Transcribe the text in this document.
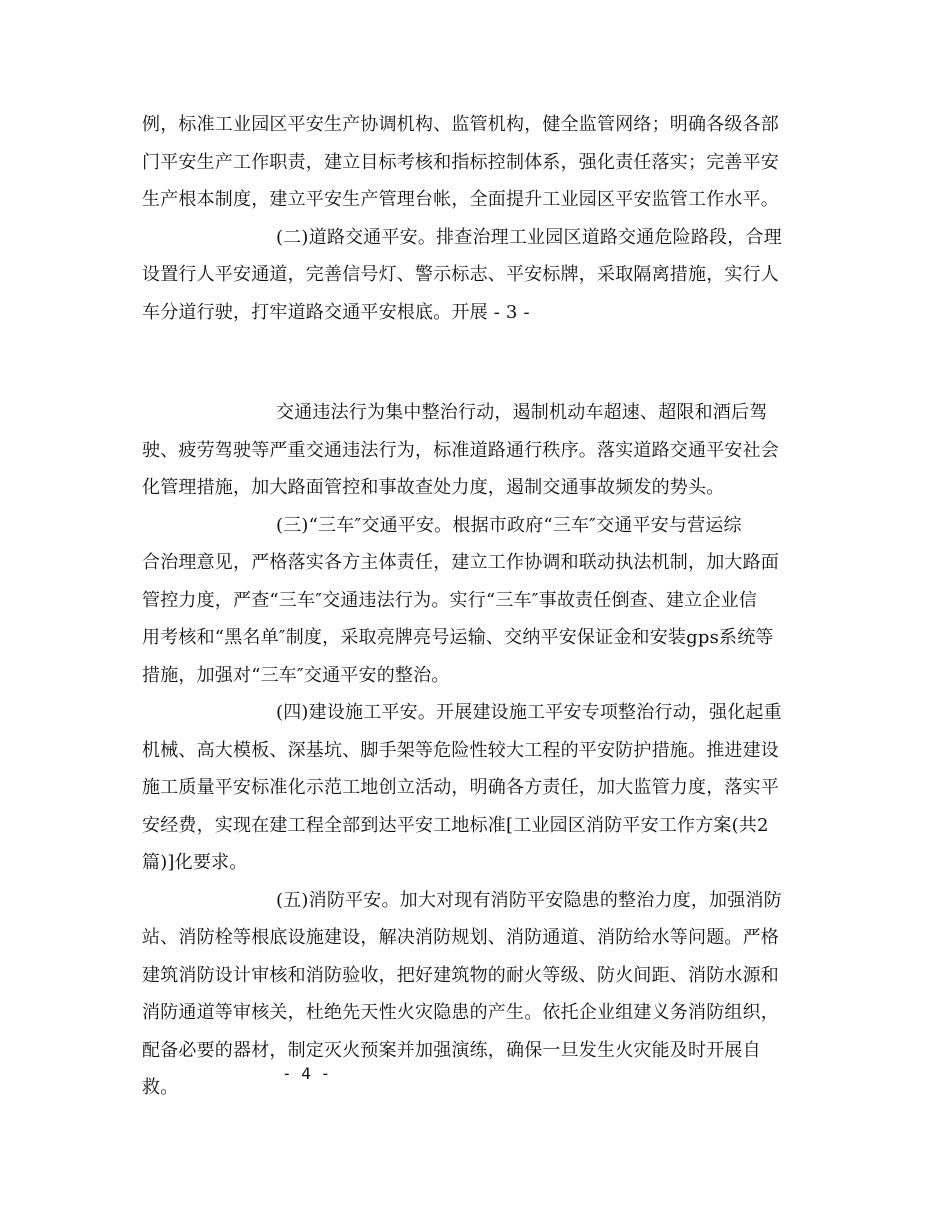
例，标准工业园区平安生产协调机构、监管机构，健全监管网络；明确各级各部
门平安生产工作职责，建立目标考核和指标控制体系，强化责任落实；完善平安
生产根本制度，建立平安生产管理台帐，全面提升工业园区平安监管工作水平。
(二)道路交通平安。排查治理工业园区道路交通危险路段，合理
设置行人平安通道，完善信号灯、警示标志、平安标牌，采取隔离措施，实行人
车分道行驶，打牢道路交通平安根底。开展 - 3 -
交通违法行为集中整治行动，遏制机动车超速、超限和酒后驾
驶、疲劳驾驶等严重交通违法行为，标准道路通行秩序。落实道路交通平安社会
化管理措施，加大路面管控和事故查处力度，遏制交通事故频发的势头。
(三)“三车″交通平安。根据市政府“三车″交通平安与营运综
合治理意见，严格落实各方主体责任，建立工作协调和联动执法机制，加大路面
管控力度，严查“三车″交通违法行为。实行“三车″事故责任倒查、建立企业信
用考核和“黑名单″制度，采取亮牌亮号运输、交纳平安保证金和安装gps系统等
措施，加强对“三车″交通平安的整治。
(四)建设施工平安。开展建设施工平安专项整治行动，强化起重
机械、高大模板、深基坑、脚手架等危险性较大工程的平安防护措施。推进建设
施工质量平安标准化示范工地创立活动，明确各方责任，加大监管力度，落实平
安经费，实现在建工程全部到达平安工地标准[工业园区消防平安工作方案(共2
篇)]化要求。
(五)消防平安。加大对现有消防平安隐患的整治力度，加强消防
站、消防栓等根底设施建设，解决消防规划、消防通道、消防给水等问题。严格
建筑消防设计审核和消防验收，把好建筑物的耐火等级、防火间距、消防水源和
消防通道等审核关，杜绝先天性火灾隐患的产生。依托企业组建义务消防组织，
配备必要的器材，制定灭火预案并加强演练，确保一旦发生火灾能及时开展自
救。
- 4 -
